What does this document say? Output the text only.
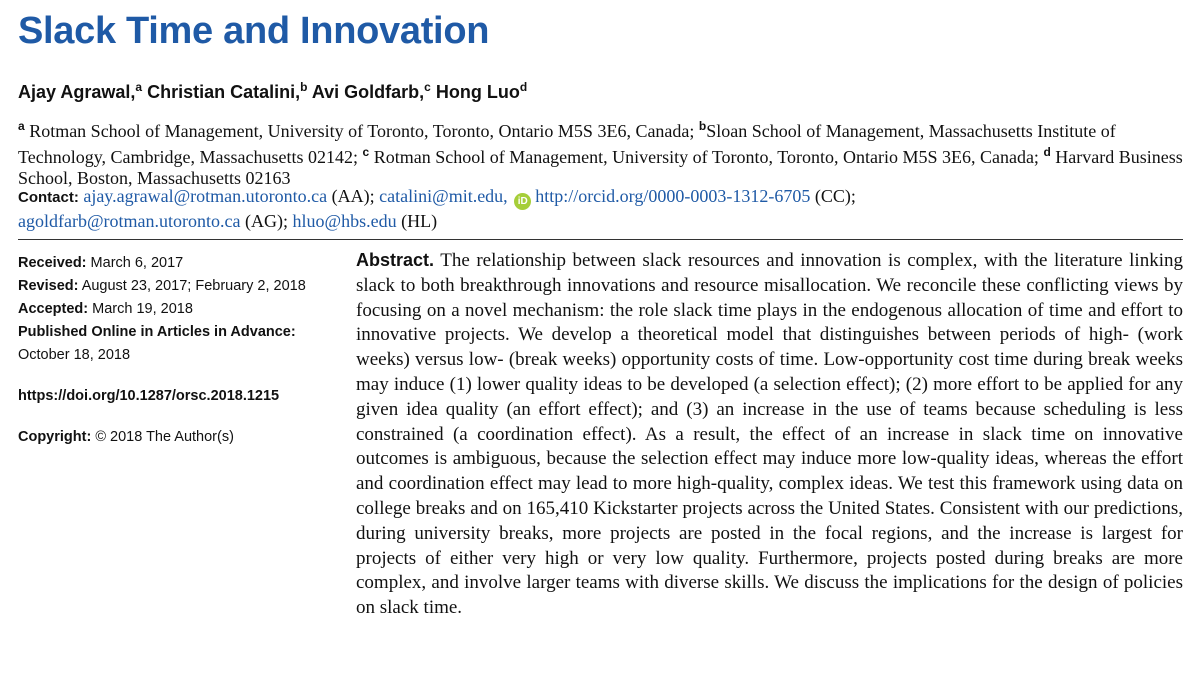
Slack Time and Innovation
Ajay Agrawal,$^a$ Christian Catalini,$^b$ Avi Goldfarb,$^c$ Hong Luo$^d$
$^a$ Rotman School of Management, University of Toronto, Toronto, Ontario M5S 3E6, Canada; $^b$Sloan School of Management, Massachusetts Institute of Technology, Cambridge, Massachusetts 02142; $^c$ Rotman School of Management, University of Toronto, Toronto, Ontario M5S 3E6, Canada; $^d$ Harvard Business School, Boston, Massachusetts 02163
Contact: ajay.agrawal@rotman.utoronto.ca (AA); catalini@mit.edu, iD http://orcid.org/0000-0003-1312-6705 (CC);
agoldfarb@rotman.utoronto.ca (AG); hluo@hbs.edu (HL)
Received: March 6, 2017
Revised: August 23, 2017; February 2, 2018
Accepted: March 19, 2018
Published Online in Articles in Advance:
October 18, 2018
https://doi.org/10.1287/orsc.2018.1215
Copyright: © 2018 The Author(s)
Abstract. The relationship between slack resources and innovation is complex, with the literature linking slack to both breakthrough innovations and resource misallocation. We reconcile these conflicting views by focusing on a novel mechanism: the role slack time plays in the endogenous allocation of time and effort to innovative projects. We develop a theoretical model that distinguishes between periods of high- (work weeks) versus low- (break weeks) opportunity costs of time. Low-opportunity cost time during break weeks may induce (1) lower quality ideas to be developed (a selection effect); (2) more effort to be applied for any given idea quality (an effort effect); and (3) an increase in the use of teams because scheduling is less constrained (a coordination effect). As a result, the effect of an increase in slack time on innovative outcomes is ambiguous, because the selection effect may induce more low-quality ideas, whereas the effort and coordination effect may lead to more high-quality, complex ideas. We test this framework using data on college breaks and on 165,410 Kickstarter projects across the United States. Consistent with our predictions, during university breaks, more projects are posted in the focal regions, and the increase is largest for projects of either very high or very low quality. Furthermore, projects posted during breaks are more complex, and involve larger teams with diverse skills. We discuss the implications for the design of policies on slack time.
